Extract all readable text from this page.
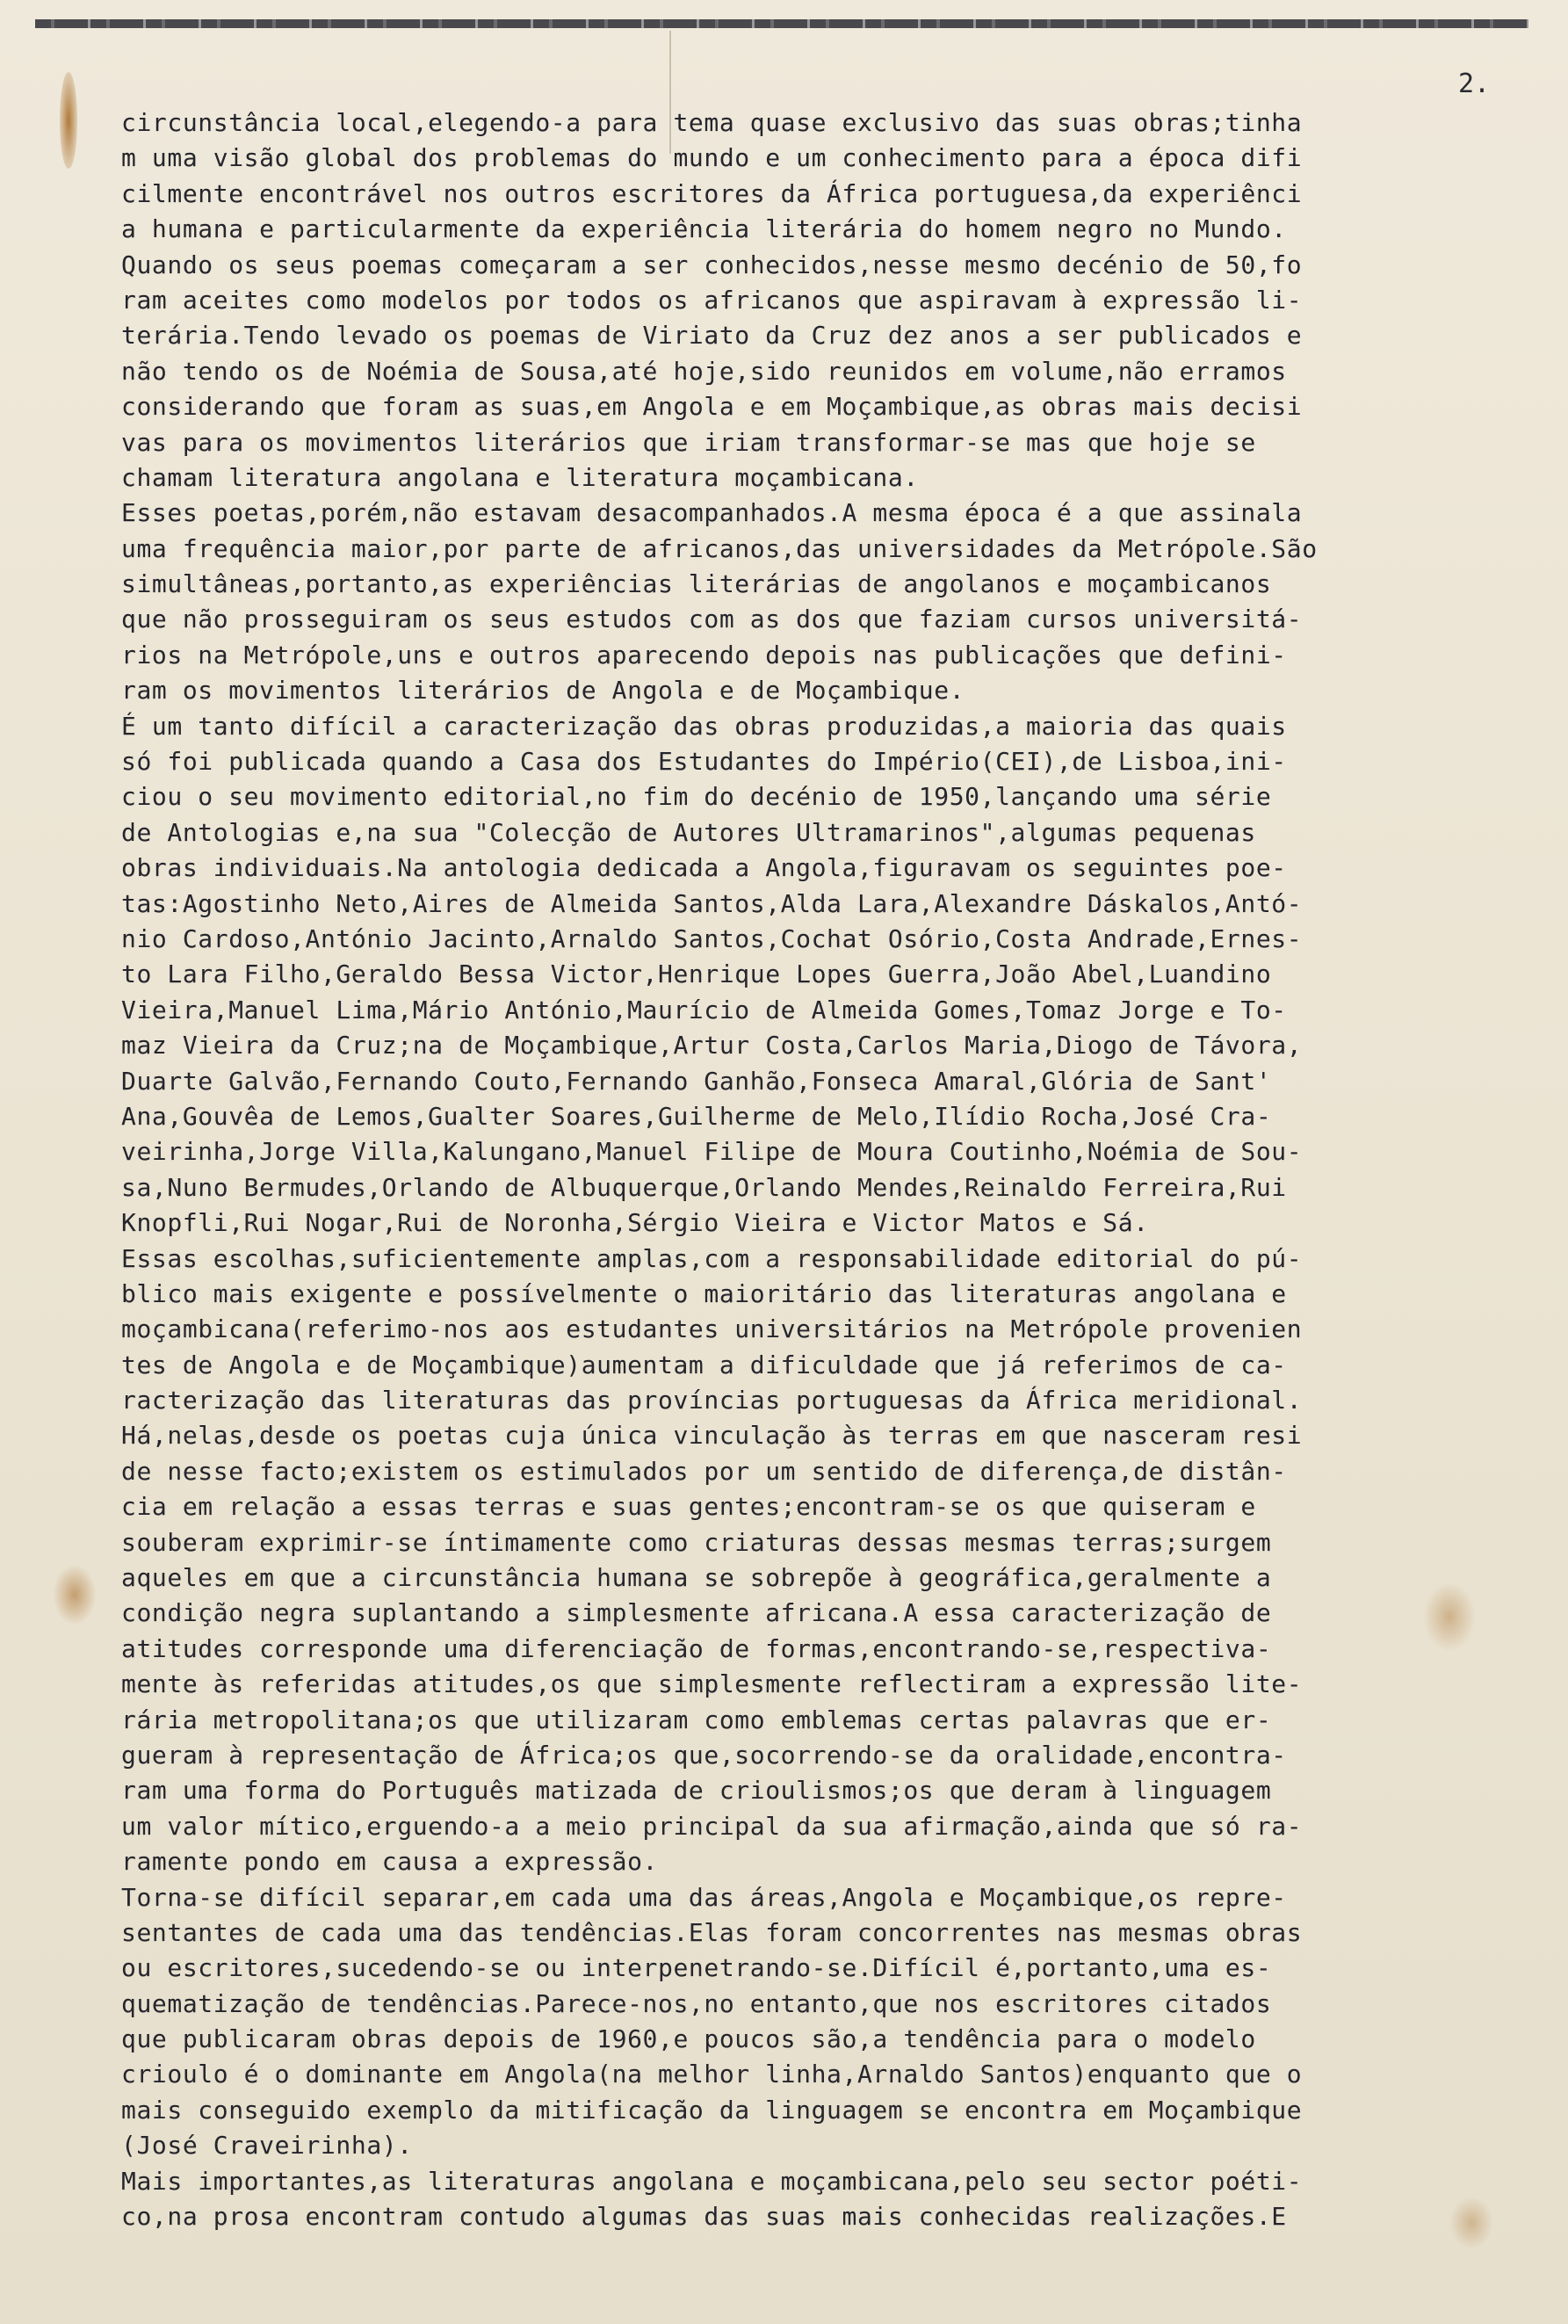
2.
circunstância local,elegendo-a para tema quase exclusivo das suas obras;tinha
m uma visão global dos problemas do mundo e um conhecimento para a época difi
cilmente encontrável nos outros escritores da África portuguesa,da experiênci
a humana e particularmente da experiência literária do homem negro no Mundo.
Quando os seus poemas começaram a ser conhecidos,nesse mesmo decénio de 50,fo
ram aceites como modelos por todos os africanos que aspiravam à expressão li-
terária.Tendo levado os poemas de Viriato da Cruz dez anos a ser publicados e
não tendo os de Noémia de Sousa,até hoje,sido reunidos em volume,não erramos
considerando que foram as suas,em Angola e em Moçambique,as obras mais decisi
vas para os movimentos literários que iriam transformar-se mas que hoje se
chamam literatura angolana e literatura moçambicana.
Esses poetas,porém,não estavam desacompanhados.A mesma época é a que assinala
uma frequência maior,por parte de africanos,das universidades da Metrópole.São
simultâneas,portanto,as experiências literárias de angolanos e moçambicanos
que não prosseguiram os seus estudos com as dos que faziam cursos universitá-
rios na Metrópole,uns e outros aparecendo depois nas publicações que defini-
ram os movimentos literários de Angola e de Moçambique.
É um tanto difícil a caracterização das obras produzidas,a maioria das quais
só foi publicada quando a Casa dos Estudantes do Império(CEI),de Lisboa,ini-
ciou o seu movimento editorial,no fim do decénio de 1950,lançando uma série
de Antologias e,na sua "Colecção de Autores Ultramarinos",algumas pequenas
obras individuais.Na antologia dedicada a Angola,figuravam os seguintes poe-
tas:Agostinho Neto,Aires de Almeida Santos,Alda Lara,Alexandre Dáskalos,Antó-
nio Cardoso,António Jacinto,Arnaldo Santos,Cochat Osório,Costa Andrade,Ernes-
to Lara Filho,Geraldo Bessa Victor,Henrique Lopes Guerra,João Abel,Luandino
Vieira,Manuel Lima,Mário António,Maurício de Almeida Gomes,Tomaz Jorge e To-
maz Vieira da Cruz;na de Moçambique,Artur Costa,Carlos Maria,Diogo de Távora,
Duarte Galvão,Fernando Couto,Fernando Ganhão,Fonseca Amaral,Glória de Sant'
Ana,Gouvêa de Lemos,Gualter Soares,Guilherme de Melo,Ilídio Rocha,José Cra-
veirinha,Jorge Villa,Kalungano,Manuel Filipe de Moura Coutinho,Noémia de Sou-
sa,Nuno Bermudes,Orlando de Albuquerque,Orlando Mendes,Reinaldo Ferreira,Rui
Knopfli,Rui Nogar,Rui de Noronha,Sérgio Vieira e Victor Matos e Sá.
Essas escolhas,suficientemente amplas,com a responsabilidade editorial do pú-
blico mais exigente e possívelmente o maioritário das literaturas angolana e
moçambicana(referimo-nos aos estudantes universitários na Metrópole provenien
tes de Angola e de Moçambique)aumentam a dificuldade que já referimos de ca-
racterização das literaturas das províncias portuguesas da África meridional.
Há,nelas,desde os poetas cuja única vinculação às terras em que nasceram resi
de nesse facto;existem os estimulados por um sentido de diferença,de distân-
cia em relação a essas terras e suas gentes;encontram-se os que quiseram e
souberam exprimir-se íntimamente como criaturas dessas mesmas terras;surgem
aqueles em que a circunstância humana se sobrepõe à geográfica,geralmente a
condição negra suplantando a simplesmente africana.A essa caracterização de
atitudes corresponde uma diferenciação de formas,encontrando-se,respectiva-
mente às referidas atitudes,os que simplesmente reflectiram a expressão lite-
rária metropolitana;os que utilizaram como emblemas certas palavras que er-
gueram à representação de África;os que,socorrendo-se da oralidade,encontra-
ram uma forma do Português matizada de crioulismos;os que deram à linguagem
um valor mítico,erguendo-a a meio principal da sua afirmação,ainda que só ra-
ramente pondo em causa a expressão.
Torna-se difícil separar,em cada uma das áreas,Angola e Moçambique,os repre-
sentantes de cada uma das tendências.Elas foram concorrentes nas mesmas obras
ou escritores,sucedendo-se ou interpenetrando-se.Difícil é,portanto,uma es-
quematização de tendências.Parece-nos,no entanto,que nos escritores citados
que publicaram obras depois de 1960,e poucos são,a tendência para o modelo
crioulo é o dominante em Angola(na melhor linha,Arnaldo Santos)enquanto que o
mais conseguido exemplo da mitificação da linguagem se encontra em Moçambique
(José Craveirinha).
Mais importantes,as literaturas angolana e moçambicana,pelo seu sector poéti-
co,na prosa encontram contudo algumas das suas mais conhecidas realizações.E
